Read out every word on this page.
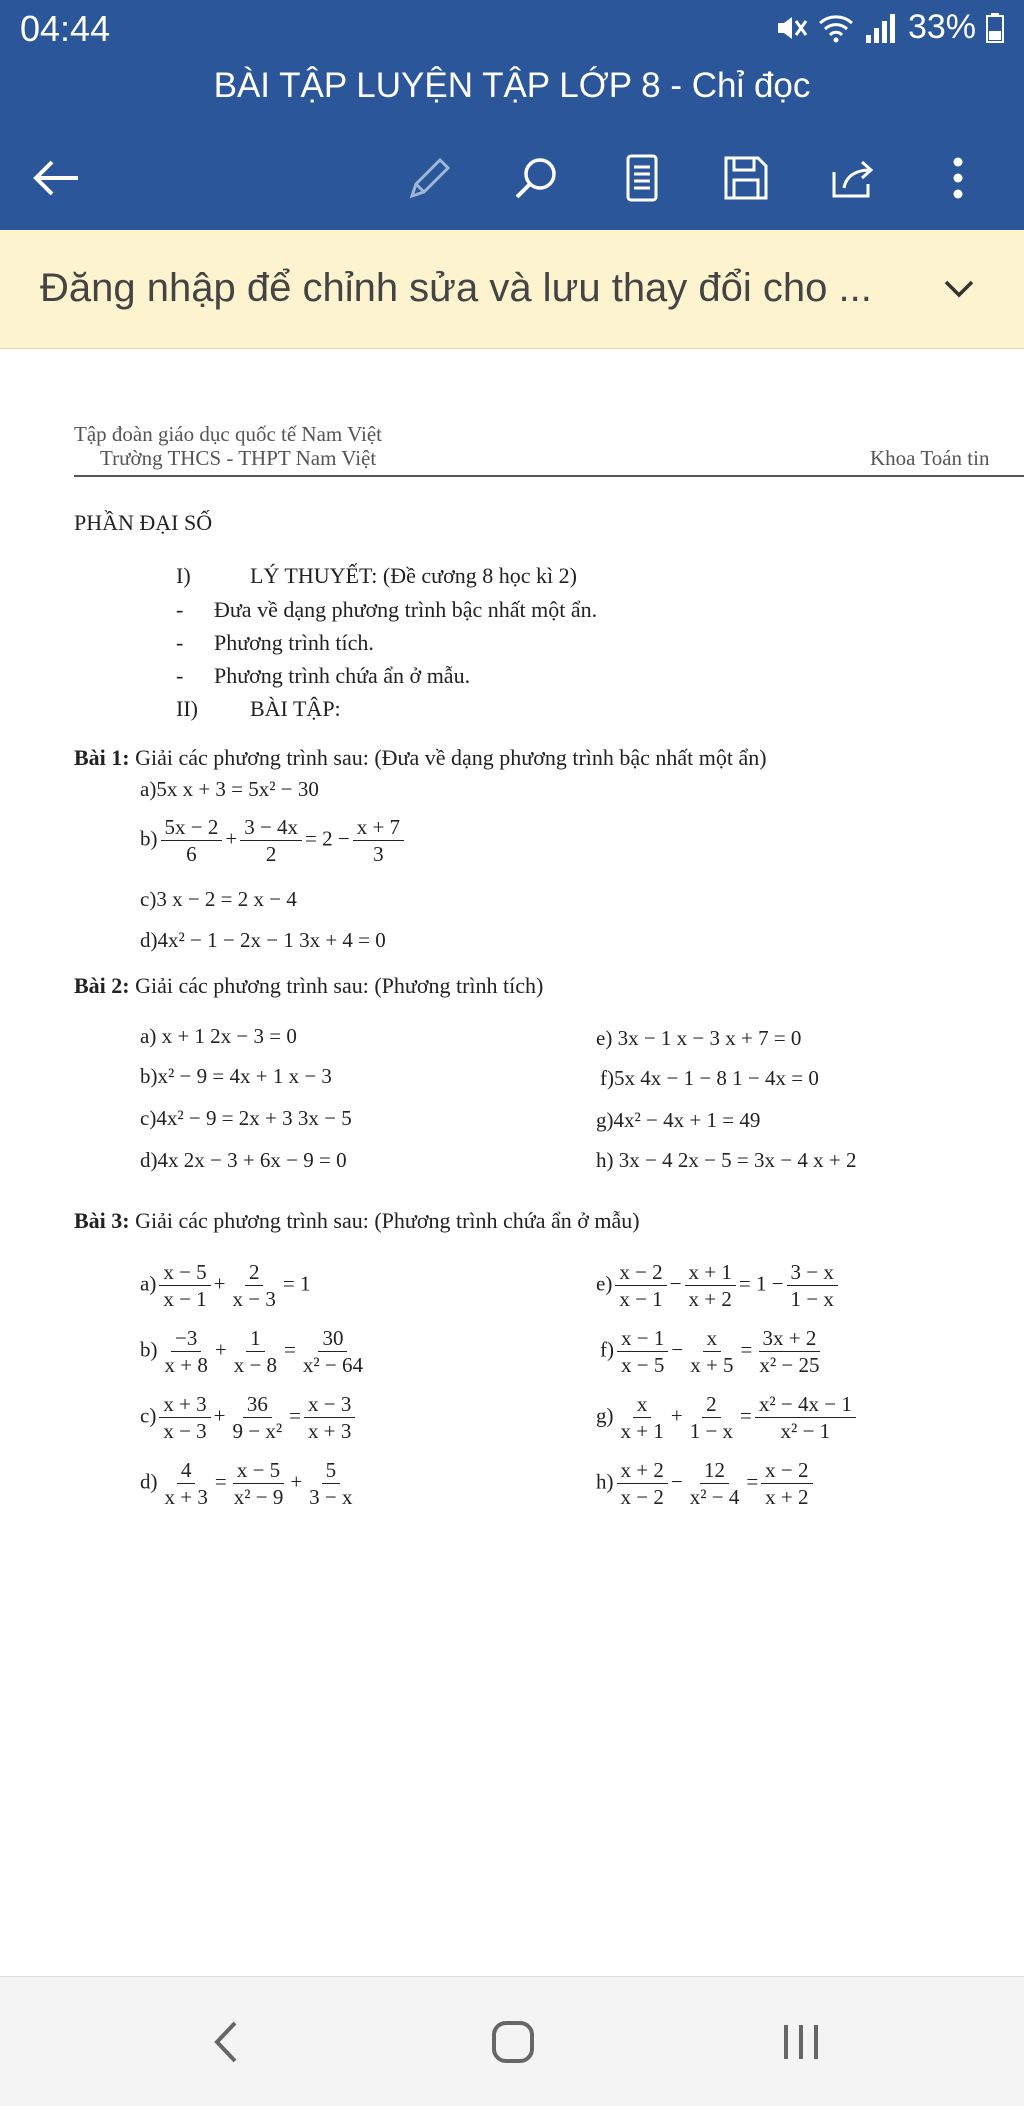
04:44	33%
BÀI TẬP LUYỆN TẬP LỚP 8 - Chỉ đọc
Đăng nhập để chỉnh sửa và lưu thay đổi cho ...
Tập đoàn giáo dục quốc tế Nam Việt
Trường THCS - THPT Nam Việt	Khoa Toán tin
PHẦN ĐẠI SỐ
I)	LÝ THUYẾT: (Đề cương 8 học kì 2)
- Đưa về dạng phương trình bậc nhất một ẩn.
- Phương trình tích.
- Phương trình chứa ẩn ở mẫu.
II) BÀI TẬP:
Bài 1: Giải các phương trình sau: (Đưa về dạng phương trình bậc nhất một ẩn)
a)5x x + 3 = 5x² − 30
$b) \frac{5x - 2}{6} + \frac{3 - 4x}{2} = 2 - \frac{x + 7}{3}$
c)3 x − 2 = 2 x − 4
d)4x² − 1 − 2x − 1 3x + 4 = 0
Bài 2: Giải các phương trình sau: (Phương trình tích)
a) x + 1 2x − 3 = 0
b)x² − 9 = 4x + 1 x − 3
c)4x² − 9 = 2x + 3 3x − 5
d)4x 2x − 3 + 6x − 9 = 0
e) 3x − 1 x − 3 x + 7 = 0
f)5x 4x − 1 − 8 1 − 4x = 0
g)4x² − 4x + 1 = 49
h) 3x − 4 2x − 5 = 3x − 4 x + 2
Bài 3: Giải các phương trình sau: (Phương trình chứa ẩn ở mẫu)
$a) \frac{x - 5}{x - 1} + \frac{2}{x - 3} = 1$
$b) \frac{-3}{x + 8} + \frac{1}{x - 8} = \frac{30}{\text{x² − 64}}$
$c) \frac{x + 3}{x - 3} + \frac{36}{\text{9 − x²}} = \frac{x - 3}{x + 3}$
$d) \frac{4}{x + 3} = \frac{x - 5}{\text{x² − 9}} + \frac{5}{3 - x}$
$e) \frac{x - 2}{x - 1} - \frac{x + 1}{x + 2} = 1 - \frac{3 - x}{1 - x}$
$f) \frac{x - 1}{x - 5} - \frac{x}{x + 5} = \frac{3x + 2}{\text{x² − 25}}$
$g) \frac{x}{x + 1} + \frac{2}{1 - x} = \frac{\text{x² − 4x − 1}}{\text{x² − 1}}$
$h) \frac{x + 2}{x - 2} - \frac{12}{\text{x² − 4}} = \frac{x - 2}{x + 2}$
